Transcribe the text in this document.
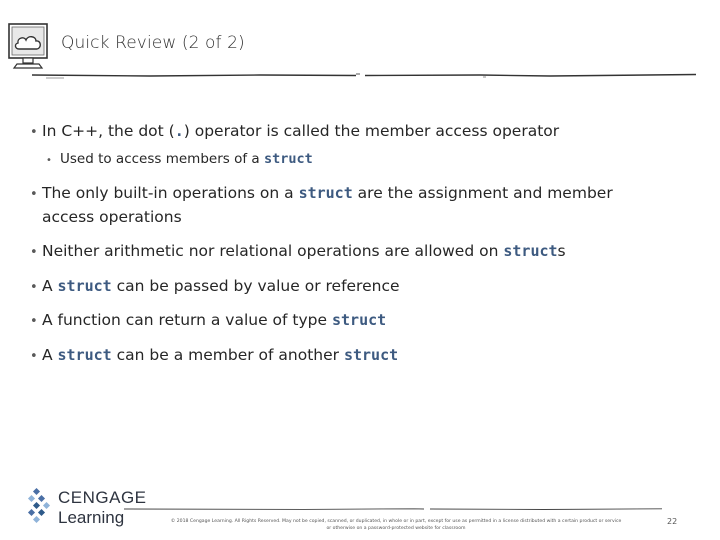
Quick Review (2 of 2)
• In C++, the dot (.) operator is called the member access operator
• Used to access members of a struct
• The only built-in operations on a struct are the assignment and member
access operations
• Neither arithmetic nor relational operations are allowed on structs
• A struct can be passed by value or reference
• A function can return a value of type struct
• A struct can be a member of another struct
CENGAGE
Learning	© 2018 Cengage Learning. All Rights Reserved. May not be copied, scanned, or duplicated, in whole or in part, except for use as permitted in a license distributed with a certain product or service
or otherwise on a password-protected website for classroom
22
